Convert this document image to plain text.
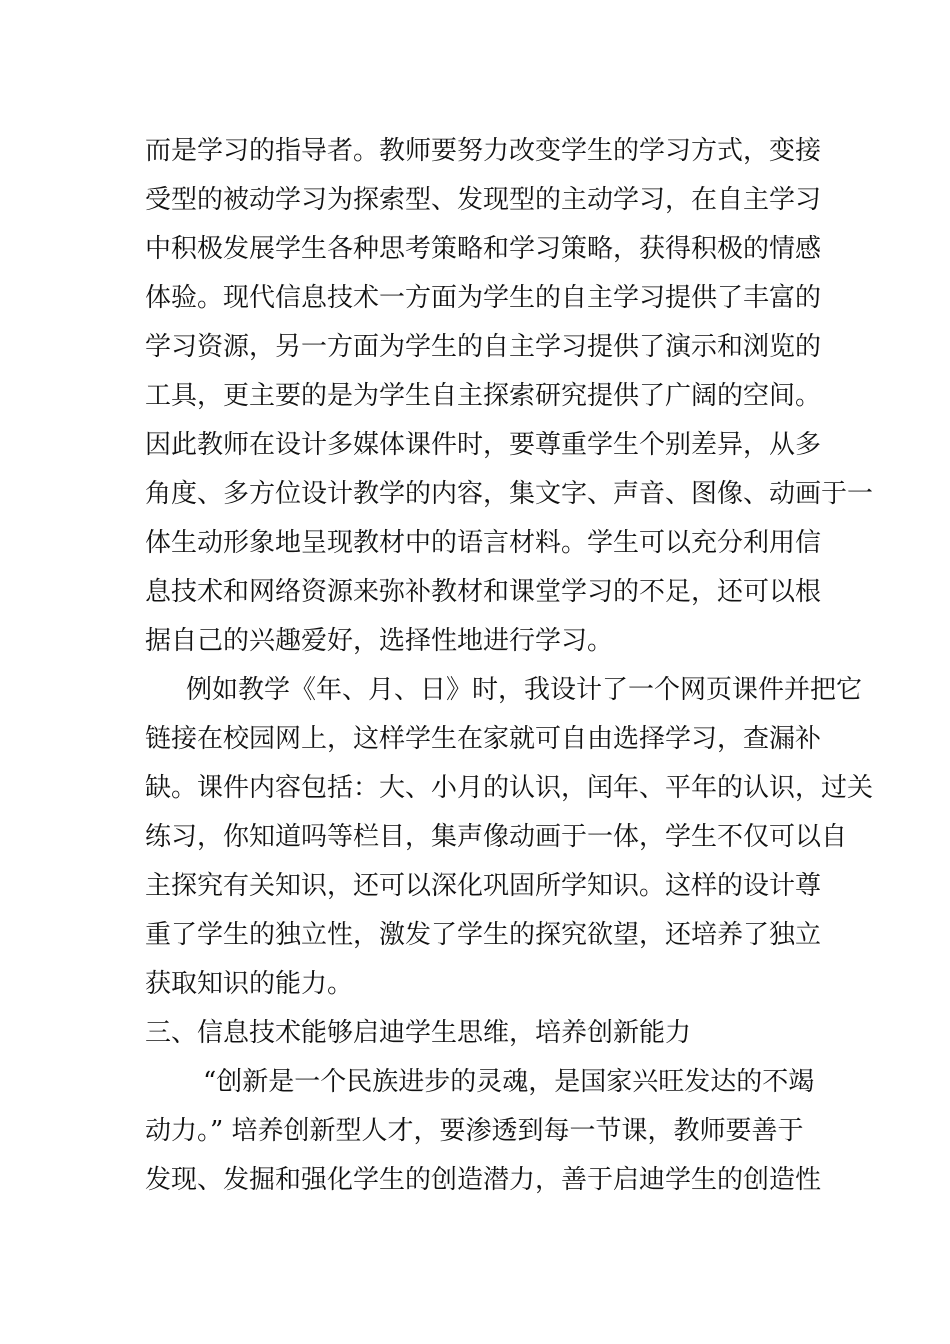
而是学习的指导者。教师要努力改变学生的学习方式，变接
受型的被动学习为探索型、发现型的主动学习，在自主学习
中积极发展学生各种思考策略和学习策略，获得积极的情感
体验。现代信息技术一方面为学生的自主学习提供了丰富的
学习资源，另一方面为学生的自主学习提供了演示和浏览的
工具，更主要的是为学生自主探索研究提供了广阔的空间。
因此教师在设计多媒体课件时，要尊重学生个别差异，从多
角度、多方位设计教学的内容，集文字、声音、图像、动画于一
体生动形象地呈现教材中的语言材料。学生可以充分利用信
息技术和网络资源来弥补教材和课堂学习的不足，还可以根
据自己的兴趣爱好，选择性地进行学习。
例如教学《年、月、日》时，我设计了一个网页课件并把它
链接在校园网上，这样学生在家就可自由选择学习，查漏补
缺。课件内容包括：大、小月的认识，闰年、平年的认识，过关
练习，你知道吗等栏目，集声像动画于一体，学生不仅可以自
主探究有关知识，还可以深化巩固所学知识。这样的设计尊
重了学生的独立性，激发了学生的探究欲望，还培养了独立
获取知识的能力。
三、信息技术能够启迪学生思维，培养创新能力
“创新是一个民族进步的灵魂，是国家兴旺发达的不竭
动力。” 培养创新型人才，要渗透到每一节课，教师要善于
发现、发掘和强化学生的创造潜力，善于启迪学生的创造性
